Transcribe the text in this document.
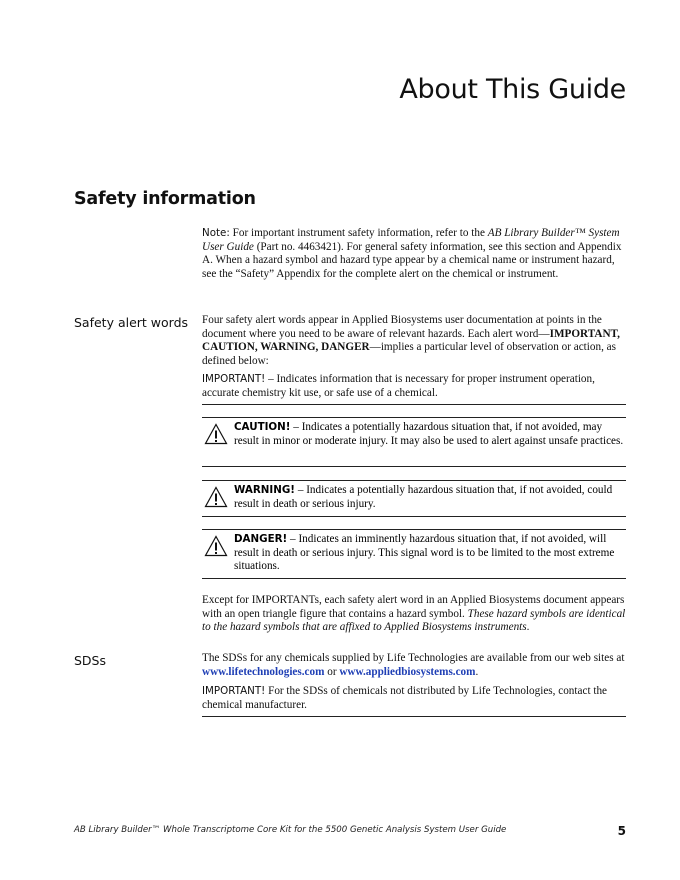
About This Guide
Safety information

Note: For important instrument safety information, refer to the AB Library Builder™ System User Guide (Part no. 4463421). For general safety information, see this section and Appendix A. When a hazard symbol and hazard type appear by a chemical name or instrument hazard, see the “Safety” Appendix for the complete alert on the chemical or instrument.

Safety alert words Four safety alert words appear in Applied Biosystems user documentation at points in the document where you need to be aware of relevant hazards. Each alert word—IMPORTANT, CAUTION, WARNING, DANGER—implies a particular level of observation or action, as defined below:

IMPORTANT! – Indicates information that is necessary for proper instrument operation, accurate chemistry kit use, or safe use of a chemical.

CAUTION! – Indicates a potentially hazardous situation that, if not avoided, may result in minor or moderate injury. It may also be used to alert against unsafe practices.
WARNING! – Indicates a potentially hazardous situation that, if not avoided, could result in death or serious injury.
DANGER! – Indicates an imminently hazardous situation that, if not avoided, will result in death or serious injury. This signal word is to be limited to the most extreme situations.

Except for IMPORTANTs, each safety alert word in an Applied Biosystems document appears with an open triangle figure that contains a hazard symbol. These hazard symbols are identical to the hazard symbols that are affixed to Applied Biosystems instruments.

SDSs	The SDSs for any chemicals supplied by Life Technologies are available from our web sites at www.lifetechnologies.com or www.appliedbiosystems.com.

IMPORTANT! For the SDSs of chemicals not distributed by Life Technologies, contact the chemical manufacturer.

AB Library Builder™ Whole Transcriptome Core Kit for the 5500 Genetic Analysis System User Guide	5
